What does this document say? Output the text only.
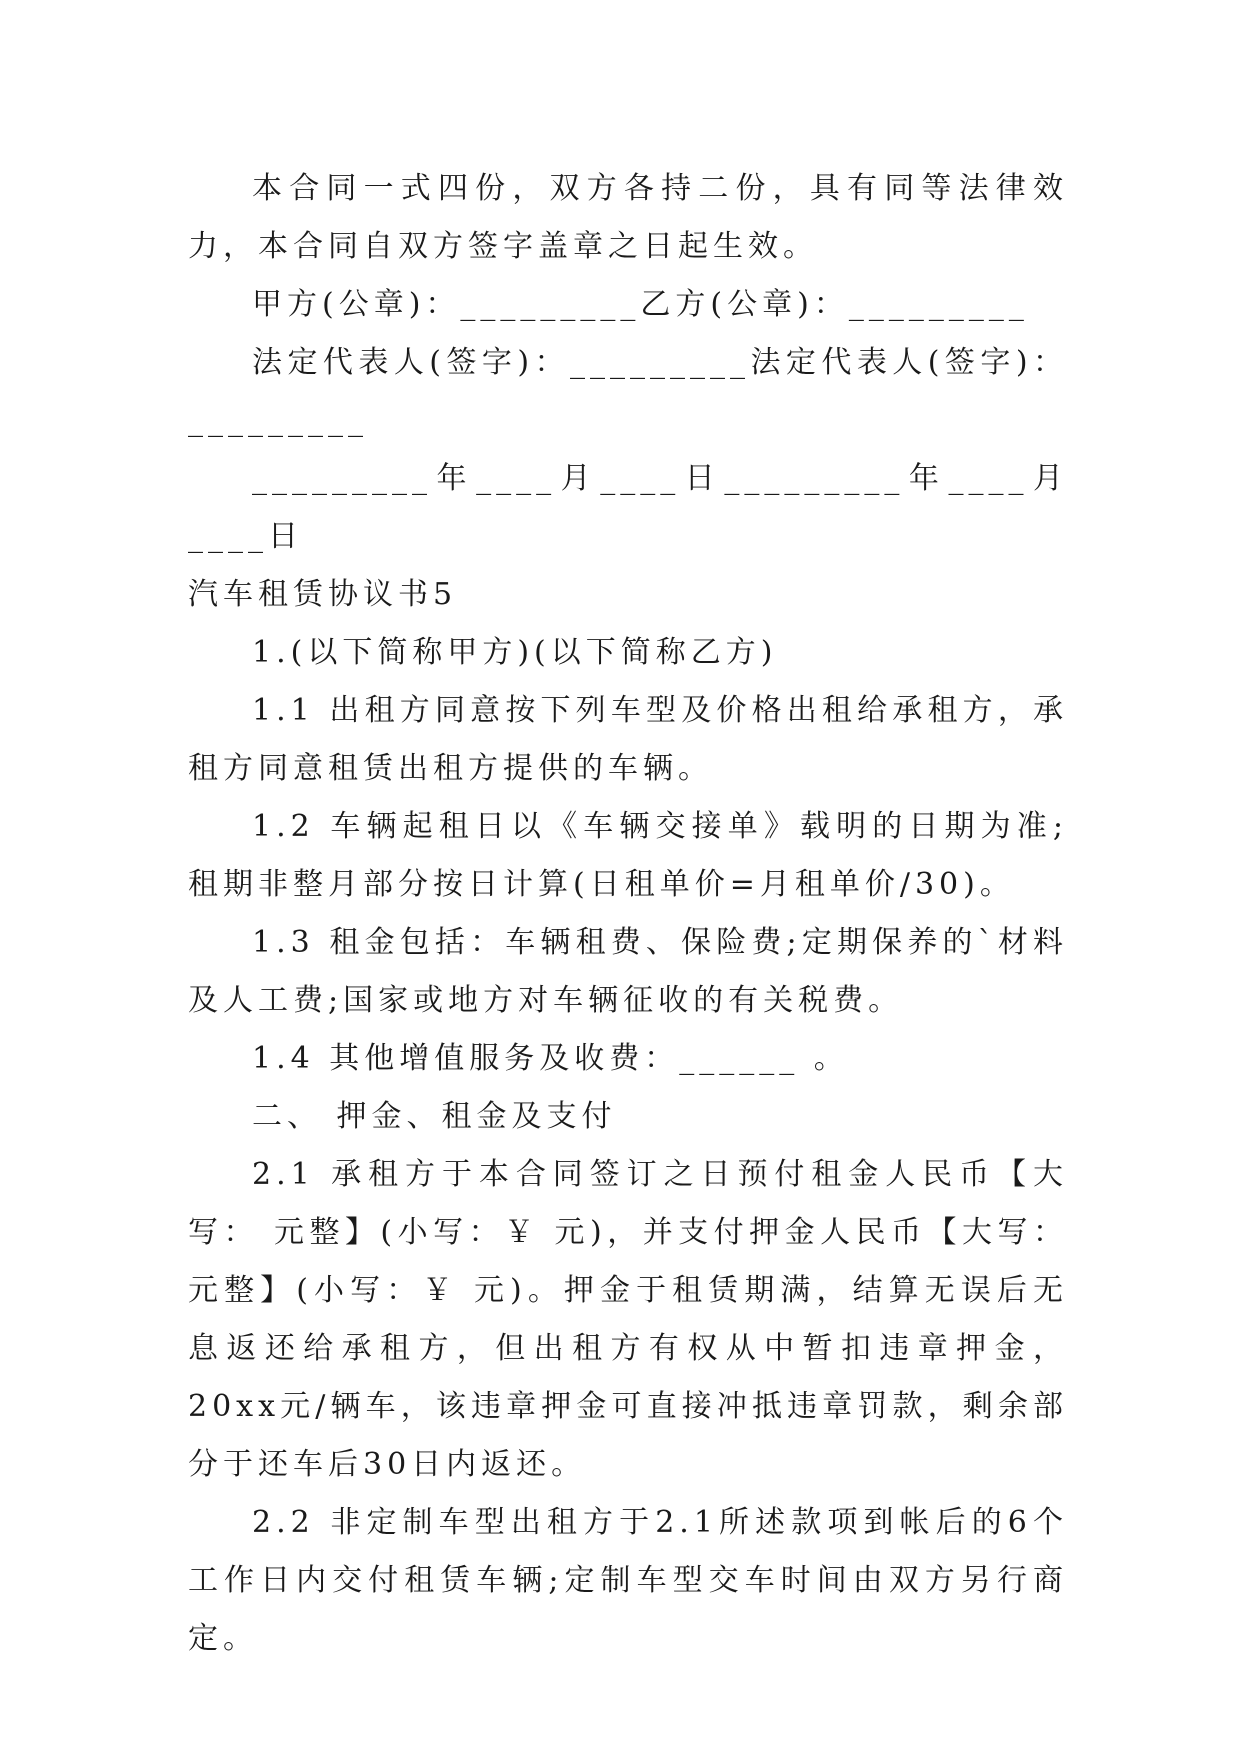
本合同一式四份，双方各持二份，具有同等法律效力，本合同自双方签字盖章之日起生效。

甲方(公章)：_________乙方(公章)：_________

法定代表人(签字)：_________法定代表人(签字)：_________

_________年____月____日_________年____月____日

汽车租赁协议书5

1.(以下简称甲方)(以下简称乙方)

1.1 出租方同意按下列车型及价格出租给承租方，承租方同意租赁出租方提供的车辆。

1.2 车辆起租日以《车辆交接单》载明的日期为准;租期非整月部分按日计算(日租单价=月租单价/30)。

1.3 租金包括：车辆租费、保险费;定期保养的`材料及人工费;国家或地方对车辆征收的有关税费。

1.4 其他增值服务及收费：______ 。

二、 押金、租金及支付

2.1 承租方于本合同签订之日预付租金人民币【大写： 元整】(小写：￥ 元)，并支付押金人民币【大写： 元整】(小写：￥ 元)。押金于租赁期满，结算无误后无息返还给承租方，但出租方有权从中暂扣违章押金，20xx元/辆车，该违章押金可直接冲抵违章罚款，剩余部分于还车后30日内返还。

2.2 非定制车型出租方于2.1所述款项到帐后的6个工作日内交付租赁车辆;定制车型交车时间由双方另行商定。
